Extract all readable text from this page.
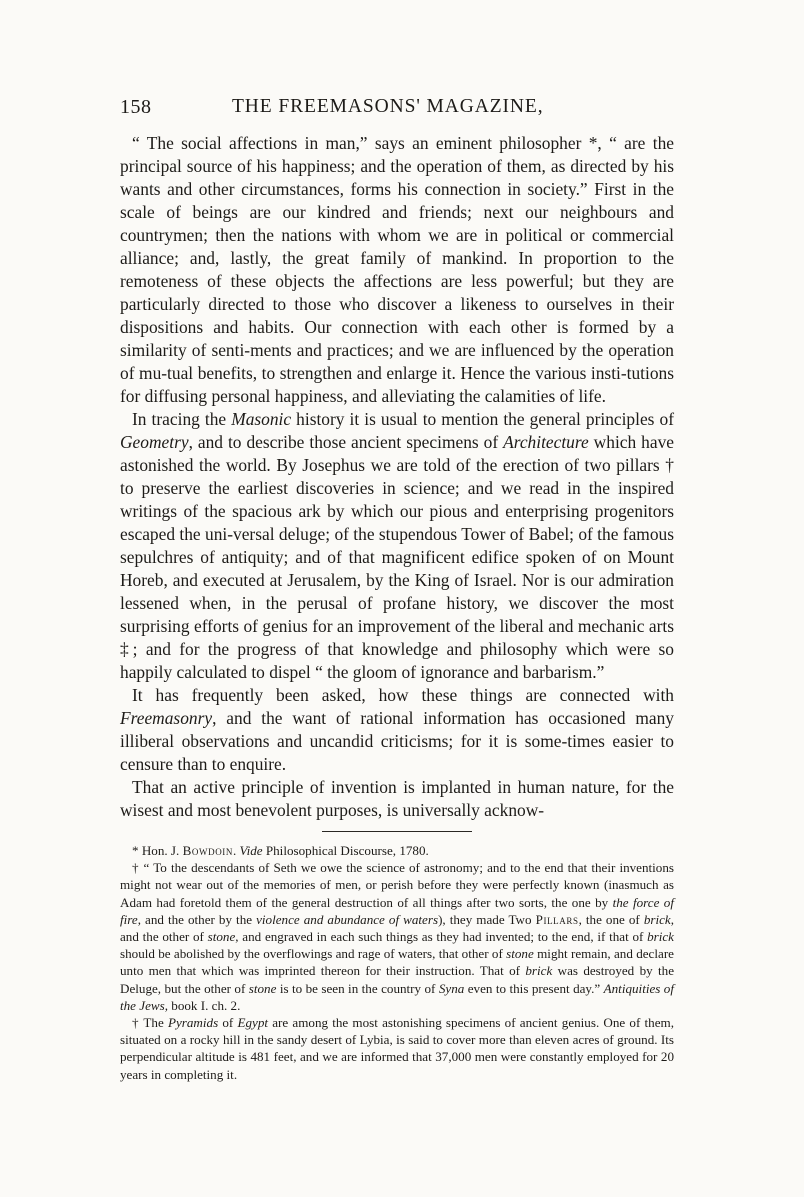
158	THE FREEMASONS' MAGAZINE,

“ The social affections in man,” says an eminent philosopher *, “ are the principal source of his happiness; and the operation of them, as directed by his wants and other circumstances, forms his connection in society.” First in the scale of beings are our kindred and friends; next our neighbours and countrymen; then the nations with whom we are in political or commercial alliance; and, lastly, the great family of mankind. In proportion to the remoteness of these objects the affections are less powerful; but they are particularly directed to those who discover a likeness to ourselves in their dispositions and habits. Our connection with each other is formed by a similarity of senti-ments and practices; and we are influenced by the operation of mu-tual benefits, to strengthen and enlarge it. Hence the various insti-tutions for diffusing personal happiness, and alleviating the calamities of life.

In tracing the Masonic history it is usual to mention the general principles of Geometry, and to describe those ancient specimens of Architecture which have astonished the world. By Josephus we are told of the erection of two pillars † to preserve the earliest discoveries in science; and we read in the inspired writings of the spacious ark by which our pious and enterprising progenitors escaped the uni-versal deluge; of the stupendous Tower of Babel; of the famous sepulchres of antiquity; and of that magnificent edifice spoken of on Mount Horeb, and executed at Jerusalem, by the King of Israel. Nor is our admiration lessened when, in the perusal of profane history, we discover the most surprising efforts of genius for an improvement of the liberal and mechanic arts ‡; and for the progress of that knowledge and philosophy which were so happily calculated to dispel “ the gloom of ignorance and barbarism.”

It has frequently been asked, how these things are connected with Freemasonry, and the want of rational information has occasioned many illiberal observations and uncandid criticisms; for it is some-times easier to censure than to enquire.

That an active principle of invention is implanted in human nature, for the wisest and most benevolent purposes, is universally acknow-

* Hon. J. Bowdoin. Vide Philosophical Discourse, 1780.

† “ To the descendants of Seth we owe the science of astronomy; and to the end that their inventions might not wear out of the memories of men, or perish before they were perfectly known (inasmuch as Adam had foretold them of the general destruction of all things after two sorts, the one by the force of fire, and the other by the violence and abundance of waters), they made Two Pillars, the one of brick, and the other of stone, and engraved in each such things as they had invented; to the end, if that of brick should be abolished by the overflowings and rage of waters, that other of stone might remain, and declare unto men that which was imprinted thereon for their instruction. That of brick was destroyed by the Deluge, but the other of stone is to be seen in the country of Syna even to this present day.” Antiquities of the Jews, book I. ch. 2.

† The Pyramids of Egypt are among the most astonishing specimens of ancient genius. One of them, situated on a rocky hill in the sandy desert of Lybia, is said to cover more than eleven acres of ground. Its perpendicular altitude is 481 feet, and we are informed that 37,000 men were constantly employed for 20 years in completing it.
